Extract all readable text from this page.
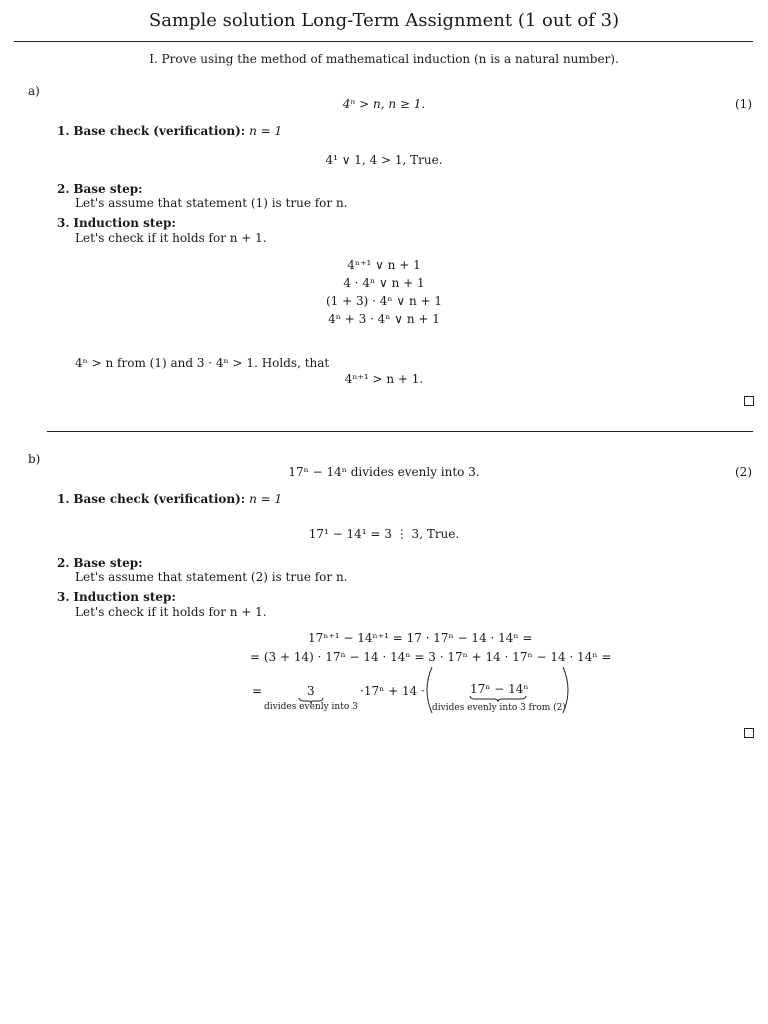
Sample solution Long-Term Assignment (1 out of 3)
I. Prove using the method of mathematical induction (n is a natural number).
a)
4ⁿ > n, n ≥ 1.	(1)
1. Base check (verification): n = 1
4¹ ∨ 1, 4 > 1, True.
2. Base step:
Let's assume that statement (1) is true for n.
3. Induction step:
Let's check if it holds for n + 1.
4ⁿ⁺¹ ∨ n + 1
4 · 4ⁿ ∨ n + 1
(1 + 3) · 4ⁿ ∨ n + 1
4ⁿ + 3 · 4ⁿ ∨ n + 1
4ⁿ > n from (1) and 3 · 4ⁿ > 1. Holds, that
4ⁿ⁺¹ > n + 1.
b)
17ⁿ − 14ⁿ divides evenly into 3.	(2)
1. Base check (verification): n = 1
17¹ − 14¹ = 3 ⋮ 3, True.
2. Base step:
Let's assume that statement (2) is true for n.
3. Induction step:
Let's check if it holds for n + 1.
17ⁿ⁺¹ − 14ⁿ⁺¹ = 17 · 17ⁿ − 14 · 14ⁿ =
= (3 + 14) · 17ⁿ − 14 · 14ⁿ = 3 · 17ⁿ + 14 · 17ⁿ − 14 · 14ⁿ =
=	3
divides evenly into 3
·17ⁿ + 14 ·	17ⁿ − 14ⁿ
divides evenly into 3 from (2)
